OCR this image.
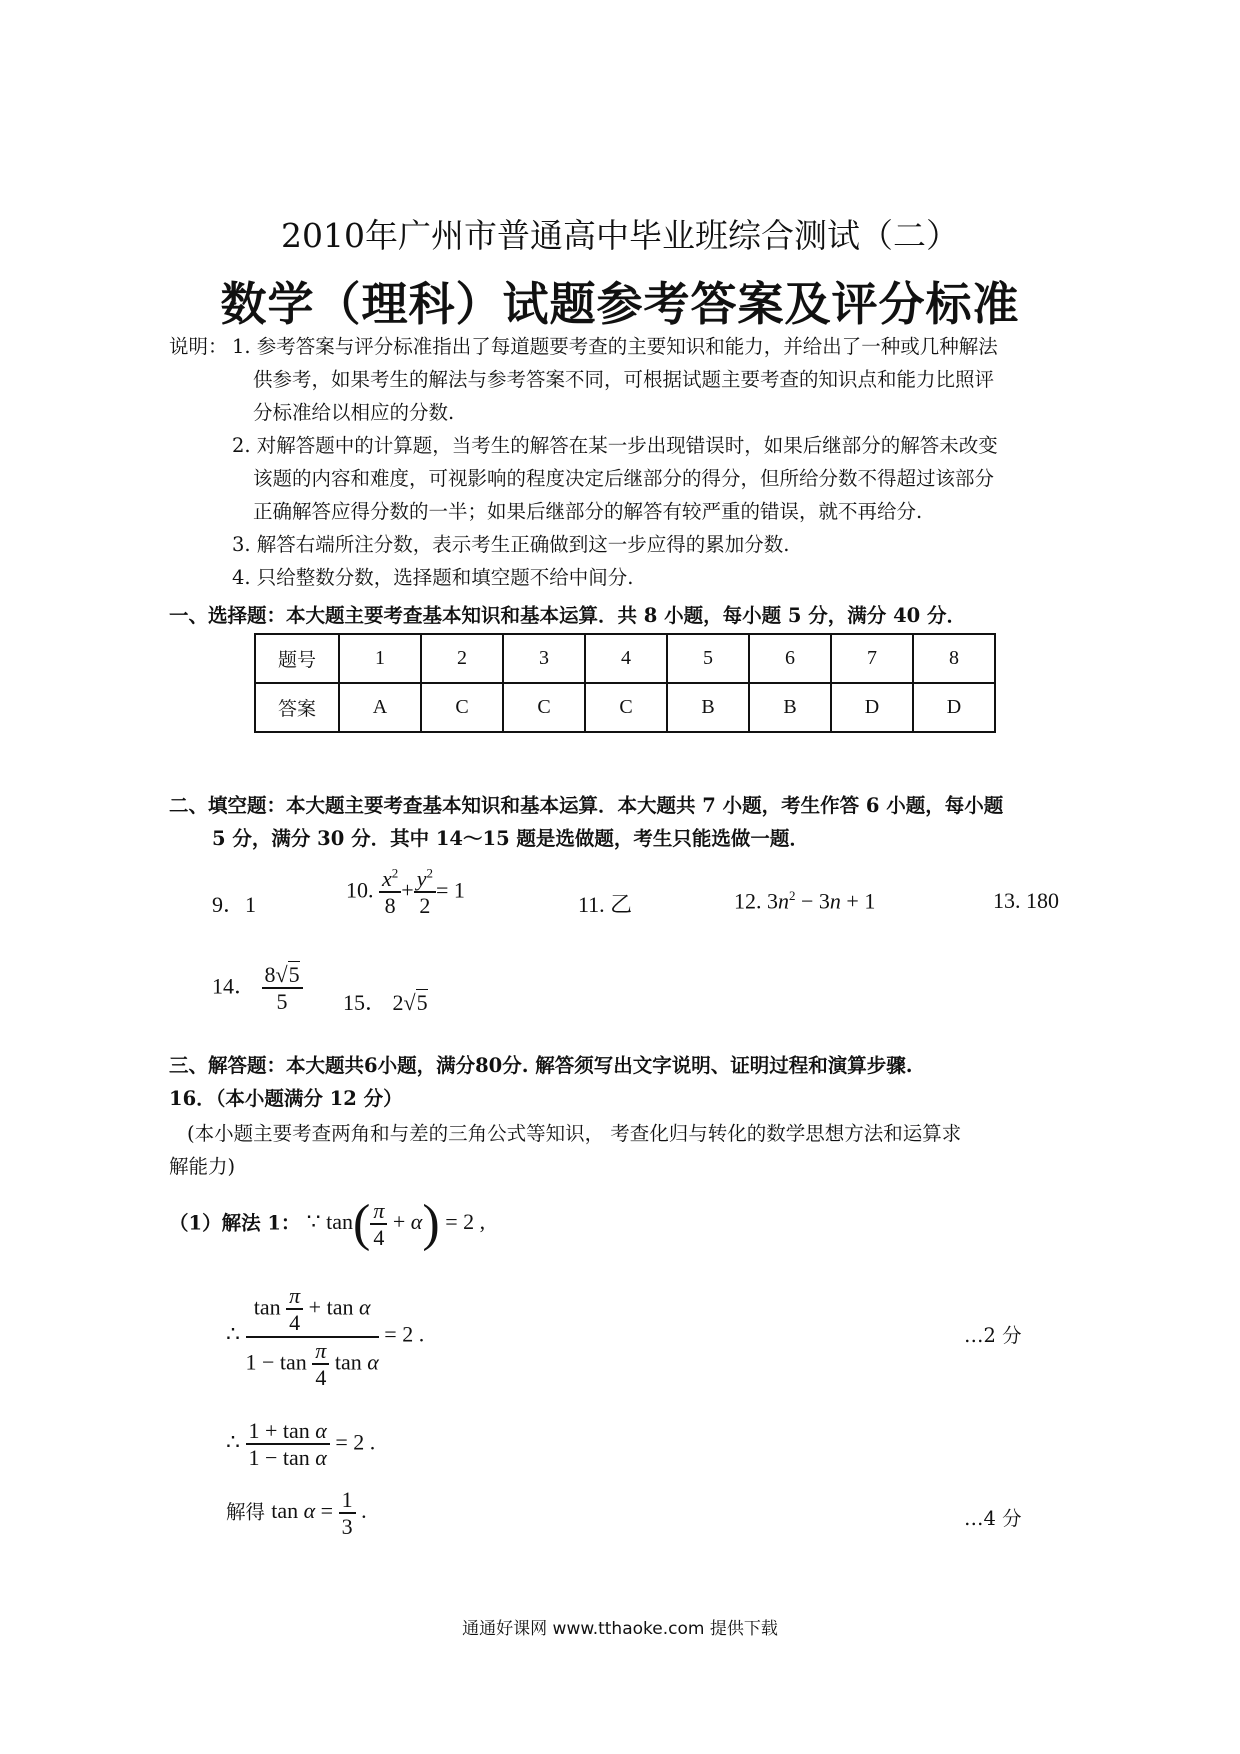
2010年广州市普通高中毕业班综合测试（二）
数学（理科）试题参考答案及评分标准
说明： 1. 参考答案与评分标准指出了每道题要考查的主要知识和能力，并给出了一种或几种解法
供参考，如果考生的解法与参考答案不同，可根据试题主要考查的知识点和能力比照评
分标准给以相应的分数.
2. 对解答题中的计算题，当考生的解答在某一步出现错误时，如果后继部分的解答未改变
该题的内容和难度，可视影响的程度决定后继部分的得分，但所给分数不得超过该部分
正确解答应得分数的一半；如果后继部分的解答有较严重的错误，就不再给分.
3. 解答右端所注分数，表示考生正确做到这一步应得的累加分数.
4. 只给整数分数，选择题和填空题不给中间分.
一、选择题：本大题主要考查基本知识和基本运算．共 8 小题，每小题 5 分，满分 40 分．
题号	1	2	3	4	5	6	7	8
答案	A	C	C	C	B	B	D	D
二、填空题：本大题主要考查基本知识和基本运算．本大题共 7 小题，考生作答 6 小题，每小题
5 分，满分 30 分．其中 14～15 题是选做题，考生只能选做一题．
9．1
10. $\frac{x^2}{8} + \frac{y^2}{2} = 1$
11. 乙	12. $3n^2 - 3n + 1$	13. 180
14． $\frac{8√5}{5} 15$． 2√5
三、解答题：本大题共6小题，满分80分. 解答须写出文字说明、证明过程和演算步骤.
16．（本小题满分 12 分）
(本小题主要考查两角和与差的三角公式等知识， 考查化归与转化的数学思想方法和运算求
解能力)
（1）解法 1： ∵ $\tan( \frac{\pi}{4} + \alpha) = 2$ ,
∴ $\frac{\tan \frac{\pi}{4} + \tan \alpha}{1 - \tan \frac{\pi}{4} \tan \alpha} = 2$ .	…2 分
∴ $\frac{\text{1 + tan α}}{\text{1 − tan α}} = 2$ .
解得 $\tan \alpha = \frac{1}{3}$ .	…4 分
通通好课网 www.tthaoke.com 提供下载
